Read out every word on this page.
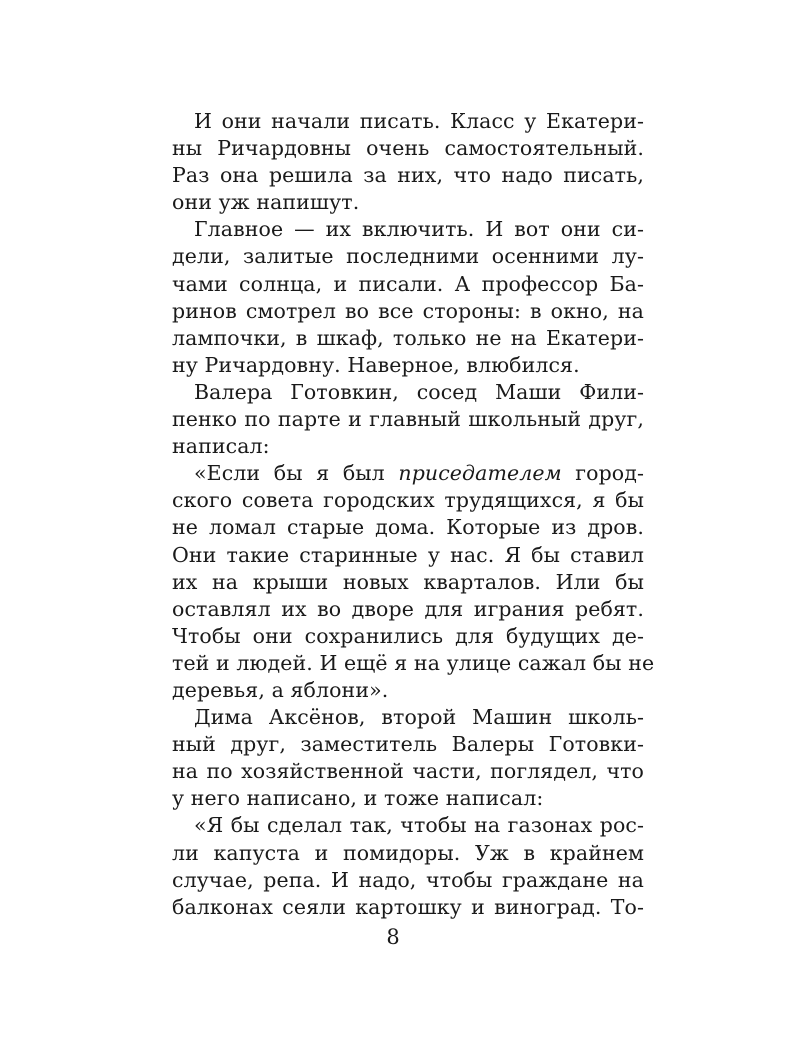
И они начали писать. Класс у Екатери-
ны Ричардовны очень самостоятельный.
Раз она решила за них, что надо писать,
они уж напишут.
Главное — их включить. И вот они си-
дели, залитые последними осенними лу-
чами солнца, и писали. А профессор Ба-
ринов смотрел во все стороны: в окно, на
лампочки, в шкаф, только не на Екатери-
ну Ричардовну. Наверное, влюбился.
Валера Готовкин, сосед Маши Фили-
пенко по парте и главный школьный друг,
написал:
«Если бы я был приседателем город-
ского совета городских трудящихся, я бы
не ломал старые дома. Которые из дров.
Они такие старинные у нас. Я бы ставил
их на крыши новых кварталов. Или бы
оставлял их во дворе для играния ребят.
Чтобы они сохранились для будущих де-
тей и людей. И ещё я на улице сажал бы не
деревья, а яблони».
Дима Аксёнов, второй Машин школь-
ный друг, заместитель Валеры Готовки-
на по хозяйственной части, поглядел, что
у него написано, и тоже написал:
«Я бы сделал так, чтобы на газонах рос-
ли капуста и помидоры. Уж в крайнем
случае, репа. И надо, чтобы граждане на
балконах сеяли картошку и виноград. То-
8
